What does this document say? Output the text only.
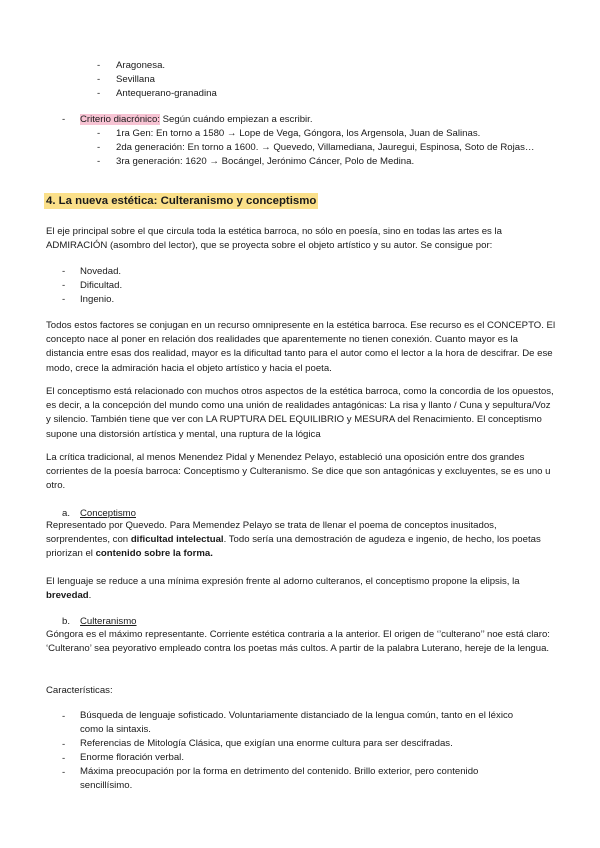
- Aragonesa.
- Sevillana
- Antequerano-granadina
- Criterio diacrónico: Según cuándo empiezan a escribir.
- 1ra Gen: En torno a 1580 → Lope de Vega, Góngora, los Argensola, Juan de Salinas.
- 2da generación: En torno a 1600. → Quevedo, Villamediana, Jauregui, Espinosa, Soto de Rojas…
- 3ra generación: 1620 → Bocángel, Jerónimo Cáncer, Polo de Medina.
4. La nueva estética: Culteranismo y conceptismo
El eje principal sobre el que circula toda la estética barroca, no sólo en poesía, sino en todas las artes es la ADMIRACIÓN (asombro del lector), que se proyecta sobre el objeto artístico y su autor. Se consigue por:
- Novedad.
- Dificultad.
- Ingenio.
Todos estos factores se conjugan en un recurso omnipresente en la estética barroca. Ese recurso es el CONCEPTO. El concepto nace al poner en relación dos realidades que aparentemente no tienen conexión. Cuanto mayor es la distancia entre esas dos realidad, mayor es la dificultad tanto para el autor como el lector a la hora de descifrar. De ese modo, crece la admiración hacia el objeto artístico y hacia el poeta.
El conceptismo está relacionado con muchos otros aspectos de la estética barroca, como la concordia de los opuestos, es decir, a la concepción del mundo como una unión de realidades antagónicas: La risa y llanto / Cuna y sepultura/Voz y silencio. También tiene que ver con LA RUPTURA DEL EQUILIBRIO y MESURA del Renacimiento. El conceptismo supone una distorsión artística y mental, una ruptura de la lógica
La crítica tradicional, al menos Menendez Pidal y Menendez Pelayo, estableció una oposición entre dos grandes corrientes de la poesía barroca: Conceptismo y Culteranismo. Se dice que son antagónicas y excluyentes, se es uno u otro.
a. Conceptismo
Representado por Quevedo. Para Memendez Pelayo se trata de llenar el poema de conceptos inusitados, sorprendentes, con dificultad intelectual. Todo sería una demostración de agudeza e ingenio, de hecho, los poetas priorizan el contenido sobre la forma.
El lenguaje se reduce a una mínima expresión frente al adorno culteranos, el conceptismo propone la elipsis, la brevedad.
b. Culteranismo
Góngora es el máximo representante. Corriente estética contraria a la anterior. El origen de ‘’culterano’’ noe está claro: ‘Culterano’ sea peyorativo empleado contra los poetas más cultos. A partir de la palabra Luterano, hereje de la lengua.
Características:
- Búsqueda de lenguaje sofisticado. Voluntariamente distanciado de la lengua común, tanto en el léxico como la sintaxis.
- Referencias de Mitología Clásica, que exigían una enorme cultura para ser descifradas.
- Enorme floración verbal.
- Máxima preocupación por la forma en detrimento del contenido. Brillo exterior, pero contenido sencillísimo.
